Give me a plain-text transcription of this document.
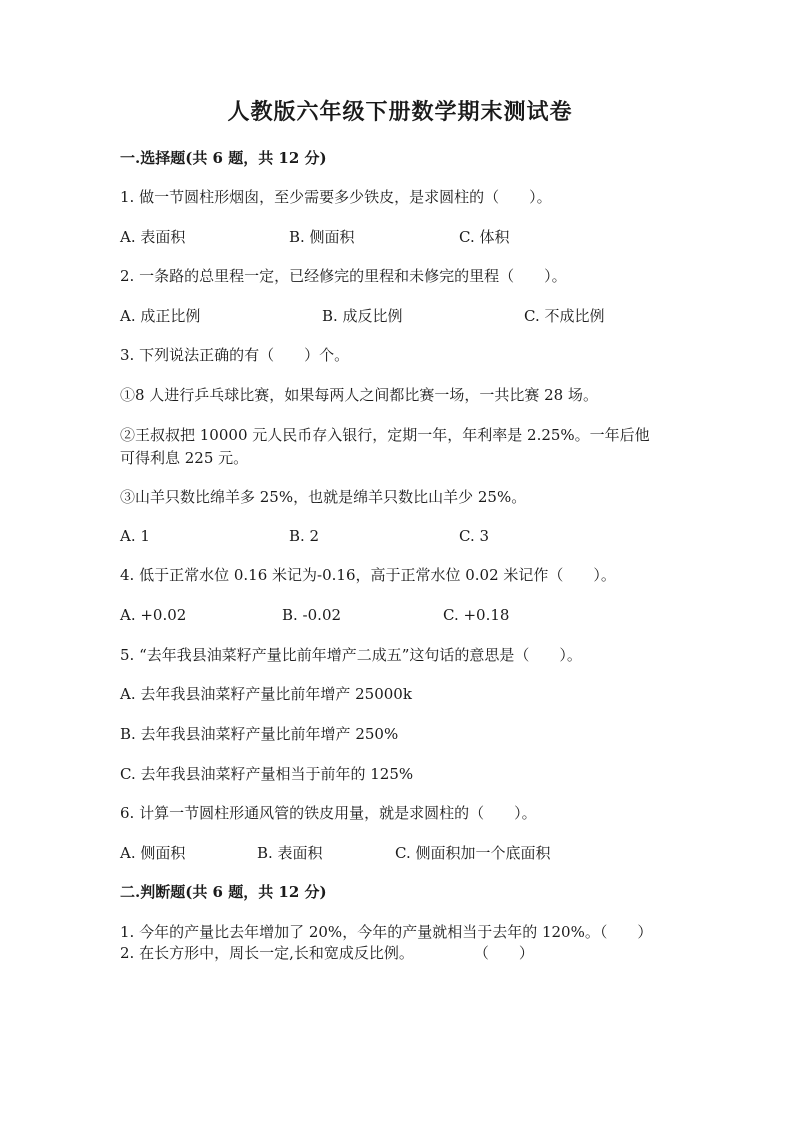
人教版六年级下册数学期末测试卷
一.选择题(共 6 题，共 12 分)
1. 做一节圆柱形烟囱，至少需要多少铁皮，是求圆柱的（　　）。
A. 表面积	B. 侧面积	C. 体积
2. 一条路的总里程一定，已经修完的里程和未修完的里程（　　）。
A. 成正比例	B. 成反比例	C. 不成比例
3. 下列说法正确的有（　　）个。
①8 人进行乒乓球比赛，如果每两人之间都比赛一场，一共比赛 28 场。
②王叔叔把 10000 元人民币存入银行，定期一年，年利率是 2.25%。一年后他
可得利息 225 元。
③山羊只数比绵羊多 25%，也就是绵羊只数比山羊少 25%。
A. 1	B. 2	C. 3
4. 低于正常水位 0.16 米记为-0.16，高于正常水位 0.02 米记作（　　）。
A. +0.02	B. -0.02	C. +0.18
5. “去年我县油菜籽产量比前年增产二成五”这句话的意思是（　　）。
A. 去年我县油菜籽产量比前年增产 25000k
B. 去年我县油菜籽产量比前年增产 250%
C. 去年我县油菜籽产量相当于前年的 125%
6. 计算一节圆柱形通风管的铁皮用量，就是求圆柱的（　　）。
A. 侧面积	B. 表面积	C. 侧面积加一个底面积
二.判断题(共 6 题，共 12 分)
1. 今年的产量比去年增加了 20%，今年的产量就相当于去年的 120%。（　　）
2. 在长方形中，周长一定,长和宽成反比例。　　　　　（　　）
